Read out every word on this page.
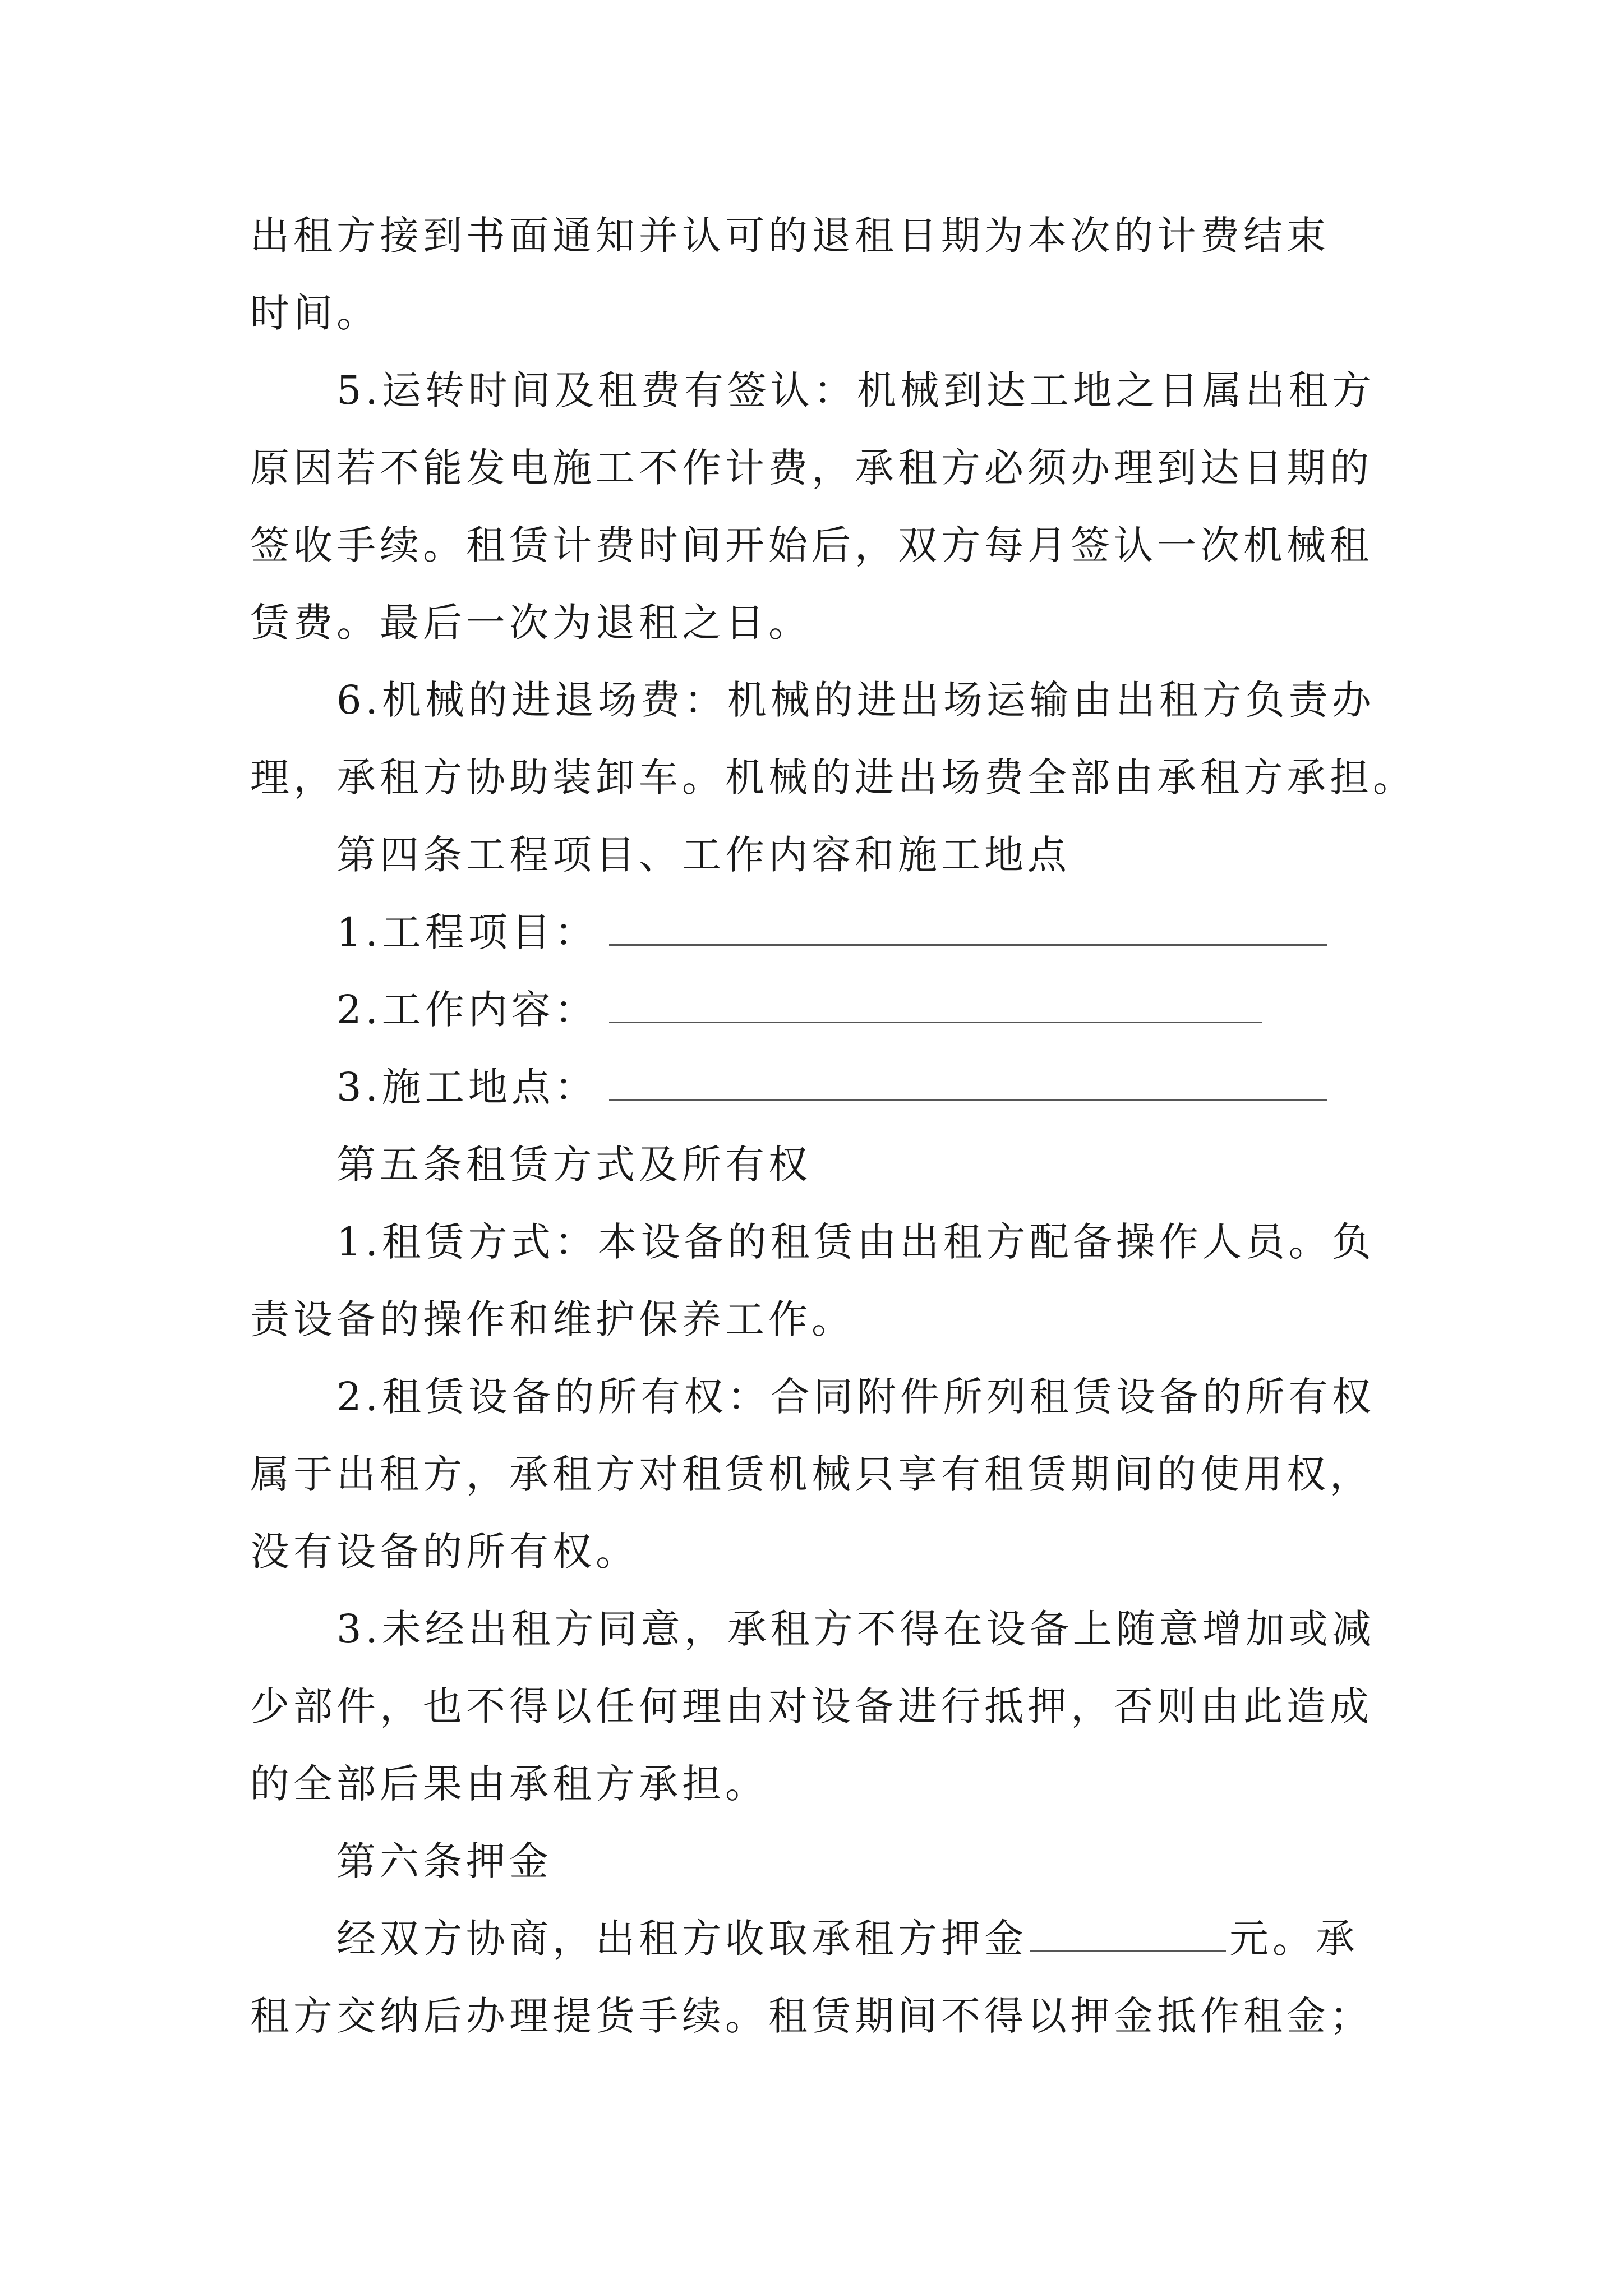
出租方接到书面通知并认可的退租日期为本次的计费结束
时间。
5.运转时间及租费有签认：机械到达工地之日属出租方
原因若不能发电施工不作计费，承租方必须办理到达日期的
签收手续。租赁计费时间开始后，双方每月签认一次机械租
赁费。最后一次为退租之日。
6.机械的进退场费：机械的进出场运输由出租方负责办
理，承租方协助装卸车。机械的进出场费全部由承租方承担。
第四条工程项目、工作内容和施工地点
1.工程项目：
2.工作内容：
3.施工地点：
第五条租赁方式及所有权
1.租赁方式：本设备的租赁由出租方配备操作人员。负
责设备的操作和维护保养工作。
2.租赁设备的所有权：合同附件所列租赁设备的所有权
属于出租方，承租方对租赁机械只享有租赁期间的使用权，
没有设备的所有权。
3.未经出租方同意，承租方不得在设备上随意增加或减
少部件，也不得以任何理由对设备进行抵押，否则由此造成
的全部后果由承租方承担。
第六条押金
经双方协商，出租方收取承租方押金	元。承
租方交纳后办理提货手续。租赁期间不得以押金抵作租金；
